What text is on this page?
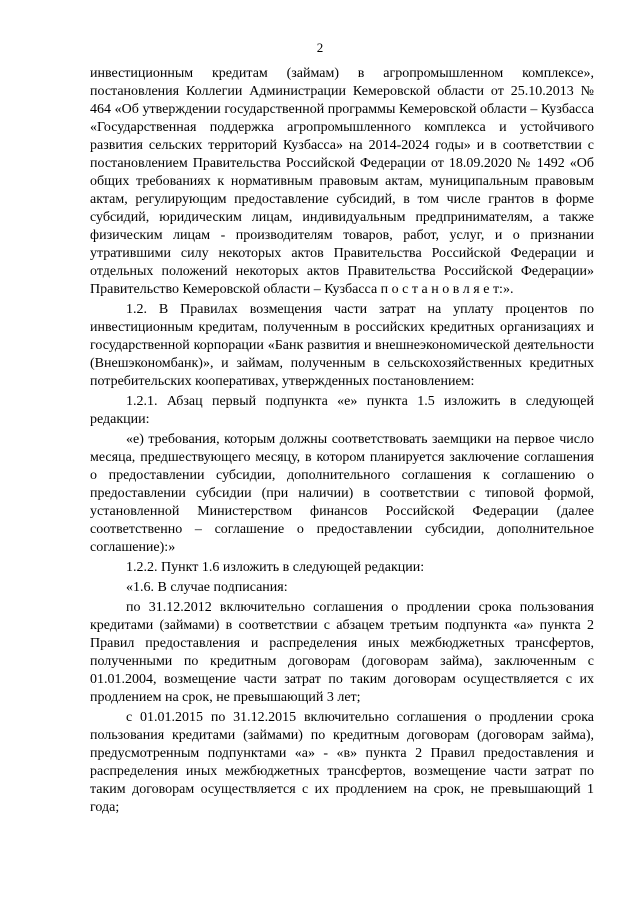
2

инвестиционным кредитам (займам) в агропромышленном комплексе», постановления Коллегии Администрации Кемеровской области от 25.10.2013 № 464 «Об утверждении государственной программы Кемеровской области – Кузбасса «Государственная поддержка агропромышленного комплекса и устойчивого развития сельских территорий Кузбасса» на 2014-2024 годы» и в соответствии с постановлением Правительства Российской Федерации от 18.09.2020 № 1492 «Об общих требованиях к нормативным правовым актам, муниципальным правовым актам, регулирующим предоставление субсидий, в том числе грантов в форме субсидий, юридическим лицам, индивидуальным предпринимателям, а также физическим лицам - производителям товаров, работ, услуг, и о признании утратившими силу некоторых актов Правительства Российской Федерации и отдельных положений некоторых актов Правительства Российской Федерации» Правительство Кемеровской области – Кузбасса п о с т а н о в л я е т:».

1.2. В Правилах возмещения части затрат на уплату процентов по инвестиционным кредитам, полученным в российских кредитных организациях и государственной корпорации «Банк развития и внешнеэкономической деятельности (Внешэкономбанк)», и займам, полученным в сельскохозяйственных кредитных потребительских кооперативах, утвержденных постановлением:

1.2.1. Абзац первый подпункта «е» пункта 1.5 изложить в следующей редакции:

«е) требования, которым должны соответствовать заемщики на первое число месяца, предшествующего месяцу, в котором планируется заключение соглашения о предоставлении субсидии, дополнительного соглашения к соглашению о предоставлении субсидии (при наличии) в соответствии с типовой формой, установленной Министерством финансов Российской Федерации (далее соответственно – соглашение о предоставлении субсидии, дополнительное соглашение):»

1.2.2. Пункт 1.6 изложить в следующей редакции:

«1.6. В случае подписания:

по 31.12.2012 включительно соглашения о продлении срока пользования кредитами (займами) в соответствии с абзацем третьим подпункта «а» пункта 2 Правил предоставления и распределения иных межбюджетных трансфертов, полученными по кредитным договорам (договорам займа), заключенным с 01.01.2004, возмещение части затрат по таким договорам осуществляется с их продлением на срок, не превышающий 3 лет;

с 01.01.2015 по 31.12.2015 включительно соглашения о продлении срока пользования кредитами (займами) по кредитным договорам (договорам займа), предусмотренным подпунктами «а» - «в» пункта 2 Правил предоставления и распределения иных межбюджетных трансфертов, возмещение части затрат по таким договорам осуществляется с их продлением на срок, не превышающий 1 года;
